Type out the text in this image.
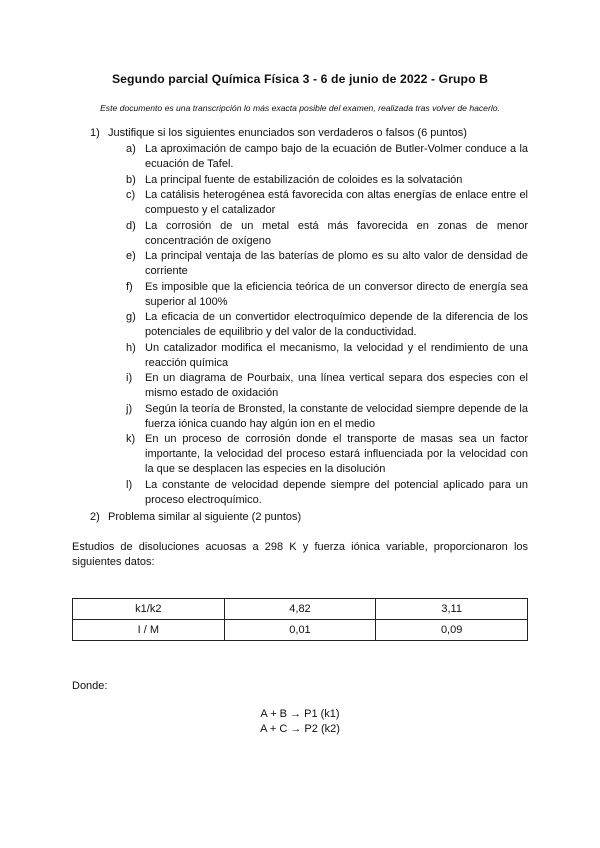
Segundo parcial Química Física 3 - 6 de junio de 2022 - Grupo B
Este documento es una transcripción lo más exacta posible del examen, realizada tras volver de hacerlo.
1) Justifique si los siguientes enunciados son verdaderos o falsos (6 puntos)
a) La aproximación de campo bajo de la ecuación de Butler-Volmer conduce a la ecuación de Tafel.
b) La principal fuente de estabilización de coloides es la solvatación
c) La catálisis heterogénea está favorecida con altas energías de enlace entre el compuesto y el catalizador
d) La corrosión de un metal está más favorecida en zonas de menor concentración de oxígeno
e) La principal ventaja de las baterías de plomo es su alto valor de densidad de corriente
f) Es imposible que la eficiencia teórica de un conversor directo de energía sea superior al 100%
g) La eficacia de un convertidor electroquímico depende de la diferencia de los potenciales de equilibrio y del valor de la conductividad.
h) Un catalizador modifica el mecanismo, la velocidad y el rendimiento de una reacción química
i) En un diagrama de Pourbaix, una línea vertical separa dos especies con el mismo estado de oxidación
j) Según la teoría de Bronsted, la constante de velocidad siempre depende de la fuerza iónica cuando hay algún ion en el medio
k) En un proceso de corrosión donde el transporte de masas sea un factor importante, la velocidad del proceso estará influenciada por la velocidad con la que se desplacen las especies en la disolución
l) La constante de velocidad depende siempre del potencial aplicado para un proceso electroquímico.
2) Problema similar al siguiente (2 puntos)
Estudios de disoluciones acuosas a 298 K y fuerza iónica variable, proporcionaron los siguientes datos:
k1/k2	4,82	3,11
I / M	0,01	0,09
Donde:
A + B → P1 (k1)
A + C → P2 (k2)
